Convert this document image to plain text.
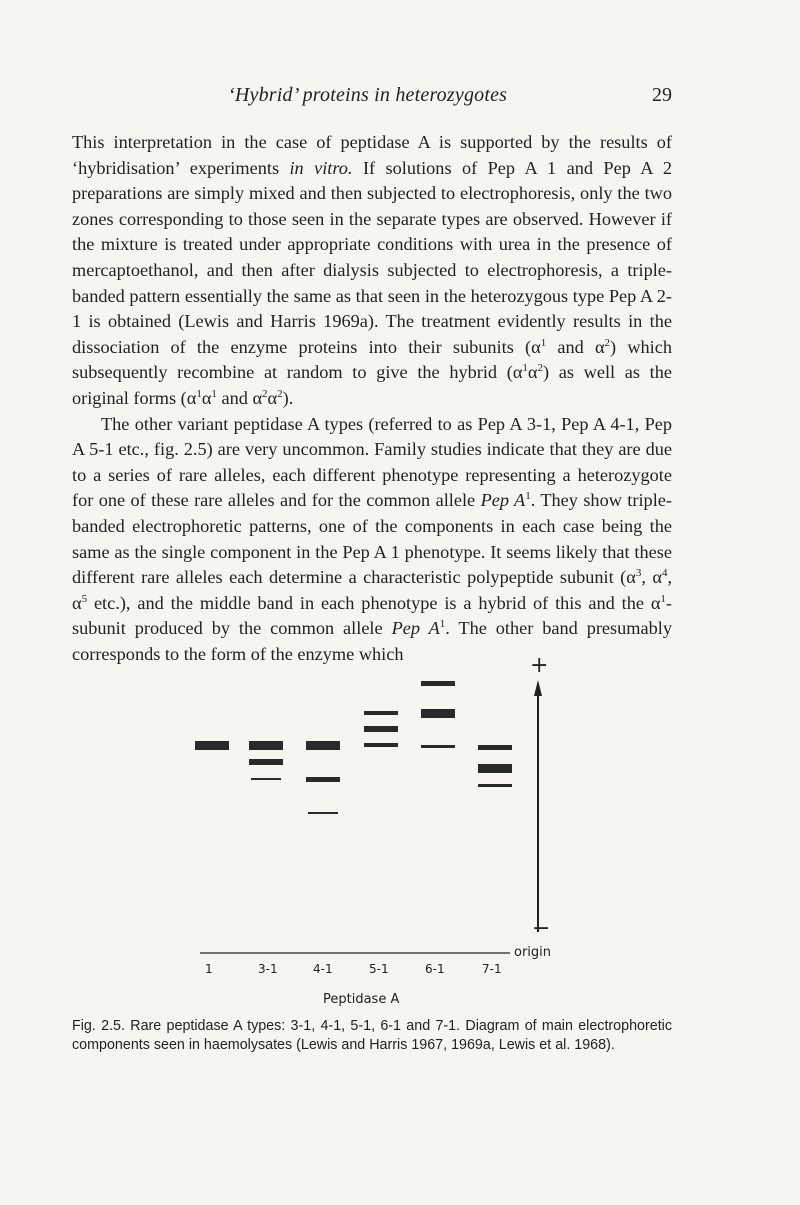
‘Hybrid’ proteins in heterozygotes	29

This interpretation in the case of peptidase A is supported by the results of ‘hybridisation’ experiments in vitro. If solutions of Pep A 1 and Pep A 2 preparations are simply mixed and then subjected to electrophoresis, only the two zones corresponding to those seen in the separate types are observed. However if the mixture is treated under appropriate conditions with urea in the presence of mercaptoethanol, and then after dialysis subjected to electrophoresis, a triple-banded pattern essentially the same as that seen in the heterozygous type Pep A 2-1 is obtained (Lewis and Harris 1969a). The treatment evidently results in the dissociation of the enzyme proteins into their subunits ($\alpha^1$ and $\alpha^2$) which subsequently recombine at random to give the hybrid $(\alpha^1\alpha^2)$ as well as the original forms ($\alpha^1\alpha^1$ and $\alpha^2\alpha^2$).

The other variant peptidase A types (referred to as Pep A 3-1, Pep A 4-1, Pep A 5-1 etc., fig. 2.5) are very uncommon. Family studies indicate that they are due to a series of rare alleles, each different phenotype representing a heterozygote for one of these rare alleles and for the common allele Pep $A^1$. They show triple-banded electrophoretic patterns, one of the components in each case being the same as the single component in the Pep A 1 phenotype. It seems likely that these different rare alleles each determine a characteristic polypeptide subunit ($\alpha^3$, $\alpha^4$, $\alpha^5$ etc.), and the middle band in each phenotype is a hybrid of this and the $\alpha^1$-subunit produced by the common allele Pep $A^1$. The other band presumably corresponds to the form of the enzyme which	+
−
origin
1	3-1	4-1	5-1	6-1	7-1
Peptidase A
Fig. 2.5. Rare peptidase A types: 3-1, 4-1, 5-1, 6-1 and 7-1. Diagram of main electrophoretic components seen in haemolysates (Lewis and Harris 1967, 1969a, Lewis et al. 1968).
